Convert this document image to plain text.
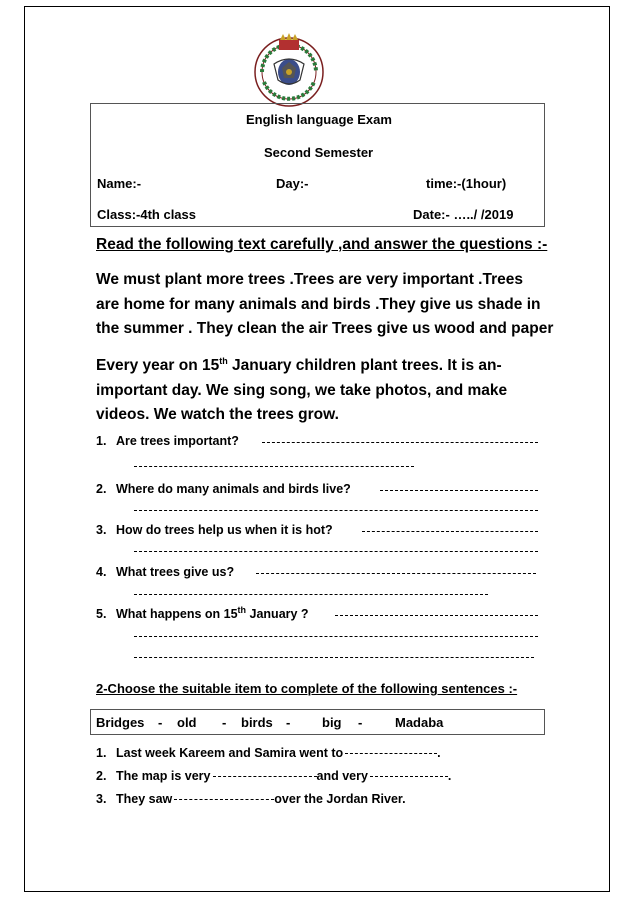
English language Exam
Second Semester
Name:-	Day:-	time:-(1hour)
Class:-4th class	Date:- …../ /2019
Read the following text carefully ,and answer the questions :-
We must plant more trees .Trees are very important .Trees
are home for many animals and birds .They give us shade in
the summer . They clean the air Trees give us wood and paper
Every year on 15th January children plant trees. It is an-
important day. We sing song, we take photos, and make
videos. We watch the trees grow.
1. Are trees important?
2. Where do many animals and birds live?
3. How do trees help us when it is hot?
4. What trees give us?
5. What happens on 15th January ?
2-Choose the suitable item to complete of the following sentences :-
Bridges - old - birds - big -	Madaba
1. Last week Kareem and Samira went to	.
2. The map is very	and very	.
3. They saw	over the Jordan River.
